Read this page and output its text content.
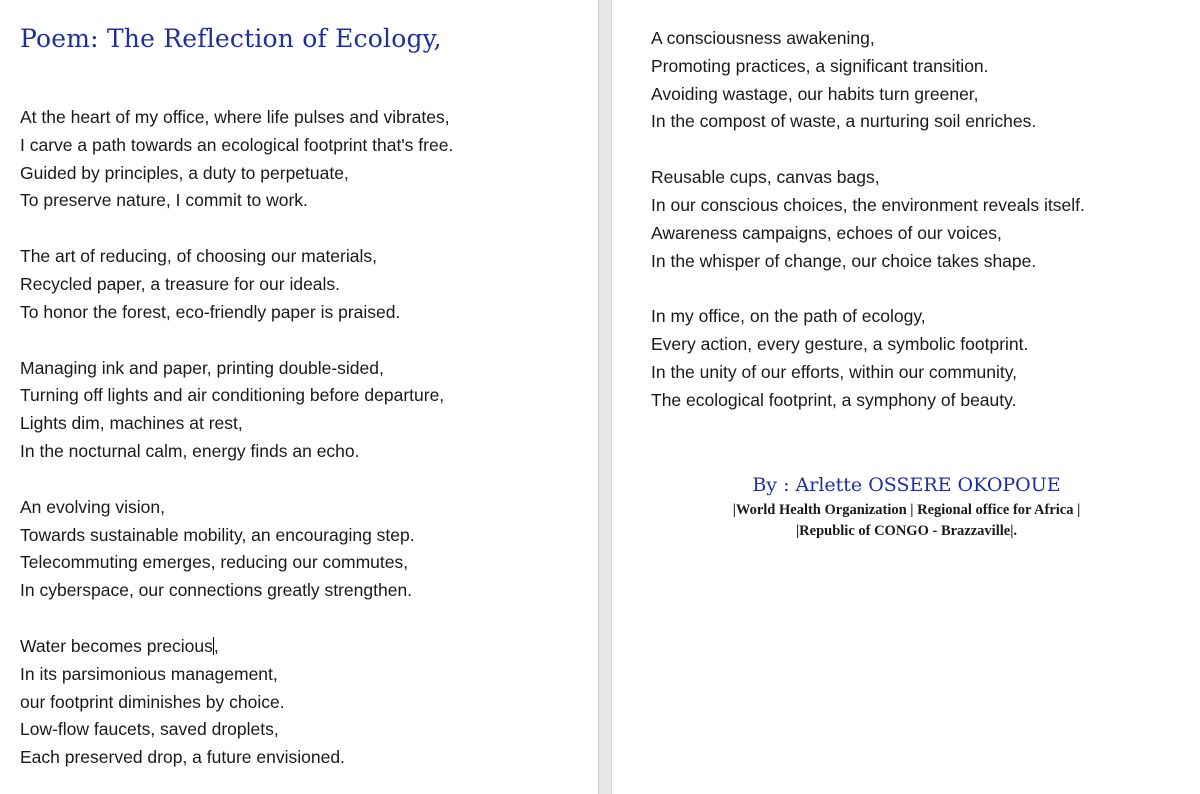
Poem: The Reflection of Ecology,
At the heart of my office, where life pulses and vibrates,
I carve a path towards an ecological footprint that's free.
Guided by principles, a duty to perpetuate,
To preserve nature, I commit to work.
The art of reducing, of choosing our materials,
Recycled paper, a treasure for our ideals.
To honor the forest, eco-friendly paper is praised.
Managing ink and paper, printing double-sided,
Turning off lights and air conditioning before departure,
Lights dim, machines at rest,
In the nocturnal calm, energy finds an echo.
An evolving vision,
Towards sustainable mobility, an encouraging step.
Telecommuting emerges, reducing our commutes,
In cyberspace, our connections greatly strengthen.
Water becomes precious,
In its parsimonious management,
our footprint diminishes by choice.
Low-flow faucets, saved droplets,
Each preserved drop, a future envisioned.
A consciousness awakening,
Promoting practices, a significant transition.
Avoiding wastage, our habits turn greener,
In the compost of waste, a nurturing soil enriches.
Reusable cups, canvas bags,
In our conscious choices, the environment reveals itself.
Awareness campaigns, echoes of our voices,
In the whisper of change, our choice takes shape.
In my office, on the path of ecology,
Every action, every gesture, a symbolic footprint.
In the unity of our efforts, within our community,
The ecological footprint, a symphony of beauty.
By : Arlette OSSERE OKOPOUE
|World Health Organization | Regional office for Africa |
|Republic of CONGO - Brazzaville|.
